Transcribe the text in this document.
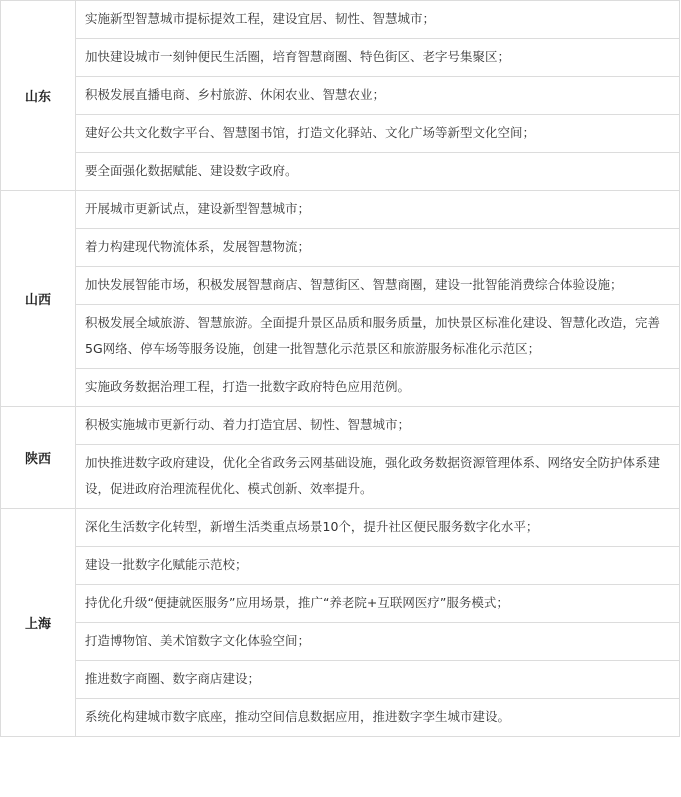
山东	实施新型智慧城市提标提效工程，建设宜居、韧性、智慧城市；
	加快建设城市一刻钟便民生活圈，培育智慧商圈、特色街区、老字号集聚区；
	积极发展直播电商、乡村旅游、休闲农业、智慧农业；
	建好公共文化数字平台、智慧图书馆，打造文化驿站、文化广场等新型文化空间；
	要全面强化数据赋能、建设数字政府。
山西	开展城市更新试点，建设新型智慧城市；
	着力构建现代物流体系，发展智慧物流；
	加快发展智能市场，积极发展智慧商店、智慧街区、智慧商圈，建设一批智能消费综合体验设施；
	积极发展全域旅游、智慧旅游。全面提升景区品质和服务质量，加快景区标准化建设、智慧化改造，完善5G网络、停车场等服务设施，创建一批智慧化示范景区和旅游服务标准化示范区；
	实施政务数据治理工程，打造一批数字政府特色应用范例。
陕西	积极实施城市更新行动、着力打造宜居、韧性、智慧城市；
	加快推进数字政府建设，优化全省政务云网基础设施，强化政务数据资源管理体系、网络安全防护体系建设，促进政府治理流程优化、模式创新、效率提升。
上海	深化生活数字化转型，新增生活类重点场景10个，提升社区便民服务数字化水平；
	建设一批数字化赋能示范校；
	持优化升级“便捷就医服务”应用场景，推广“养老院+互联网医疗”服务模式；
	打造博物馆、美术馆数字文化体验空间；
	推进数字商圈、数字商店建设；
	系统化构建城市数字底座，推动空间信息数据应用，推进数字孪生城市建设。
